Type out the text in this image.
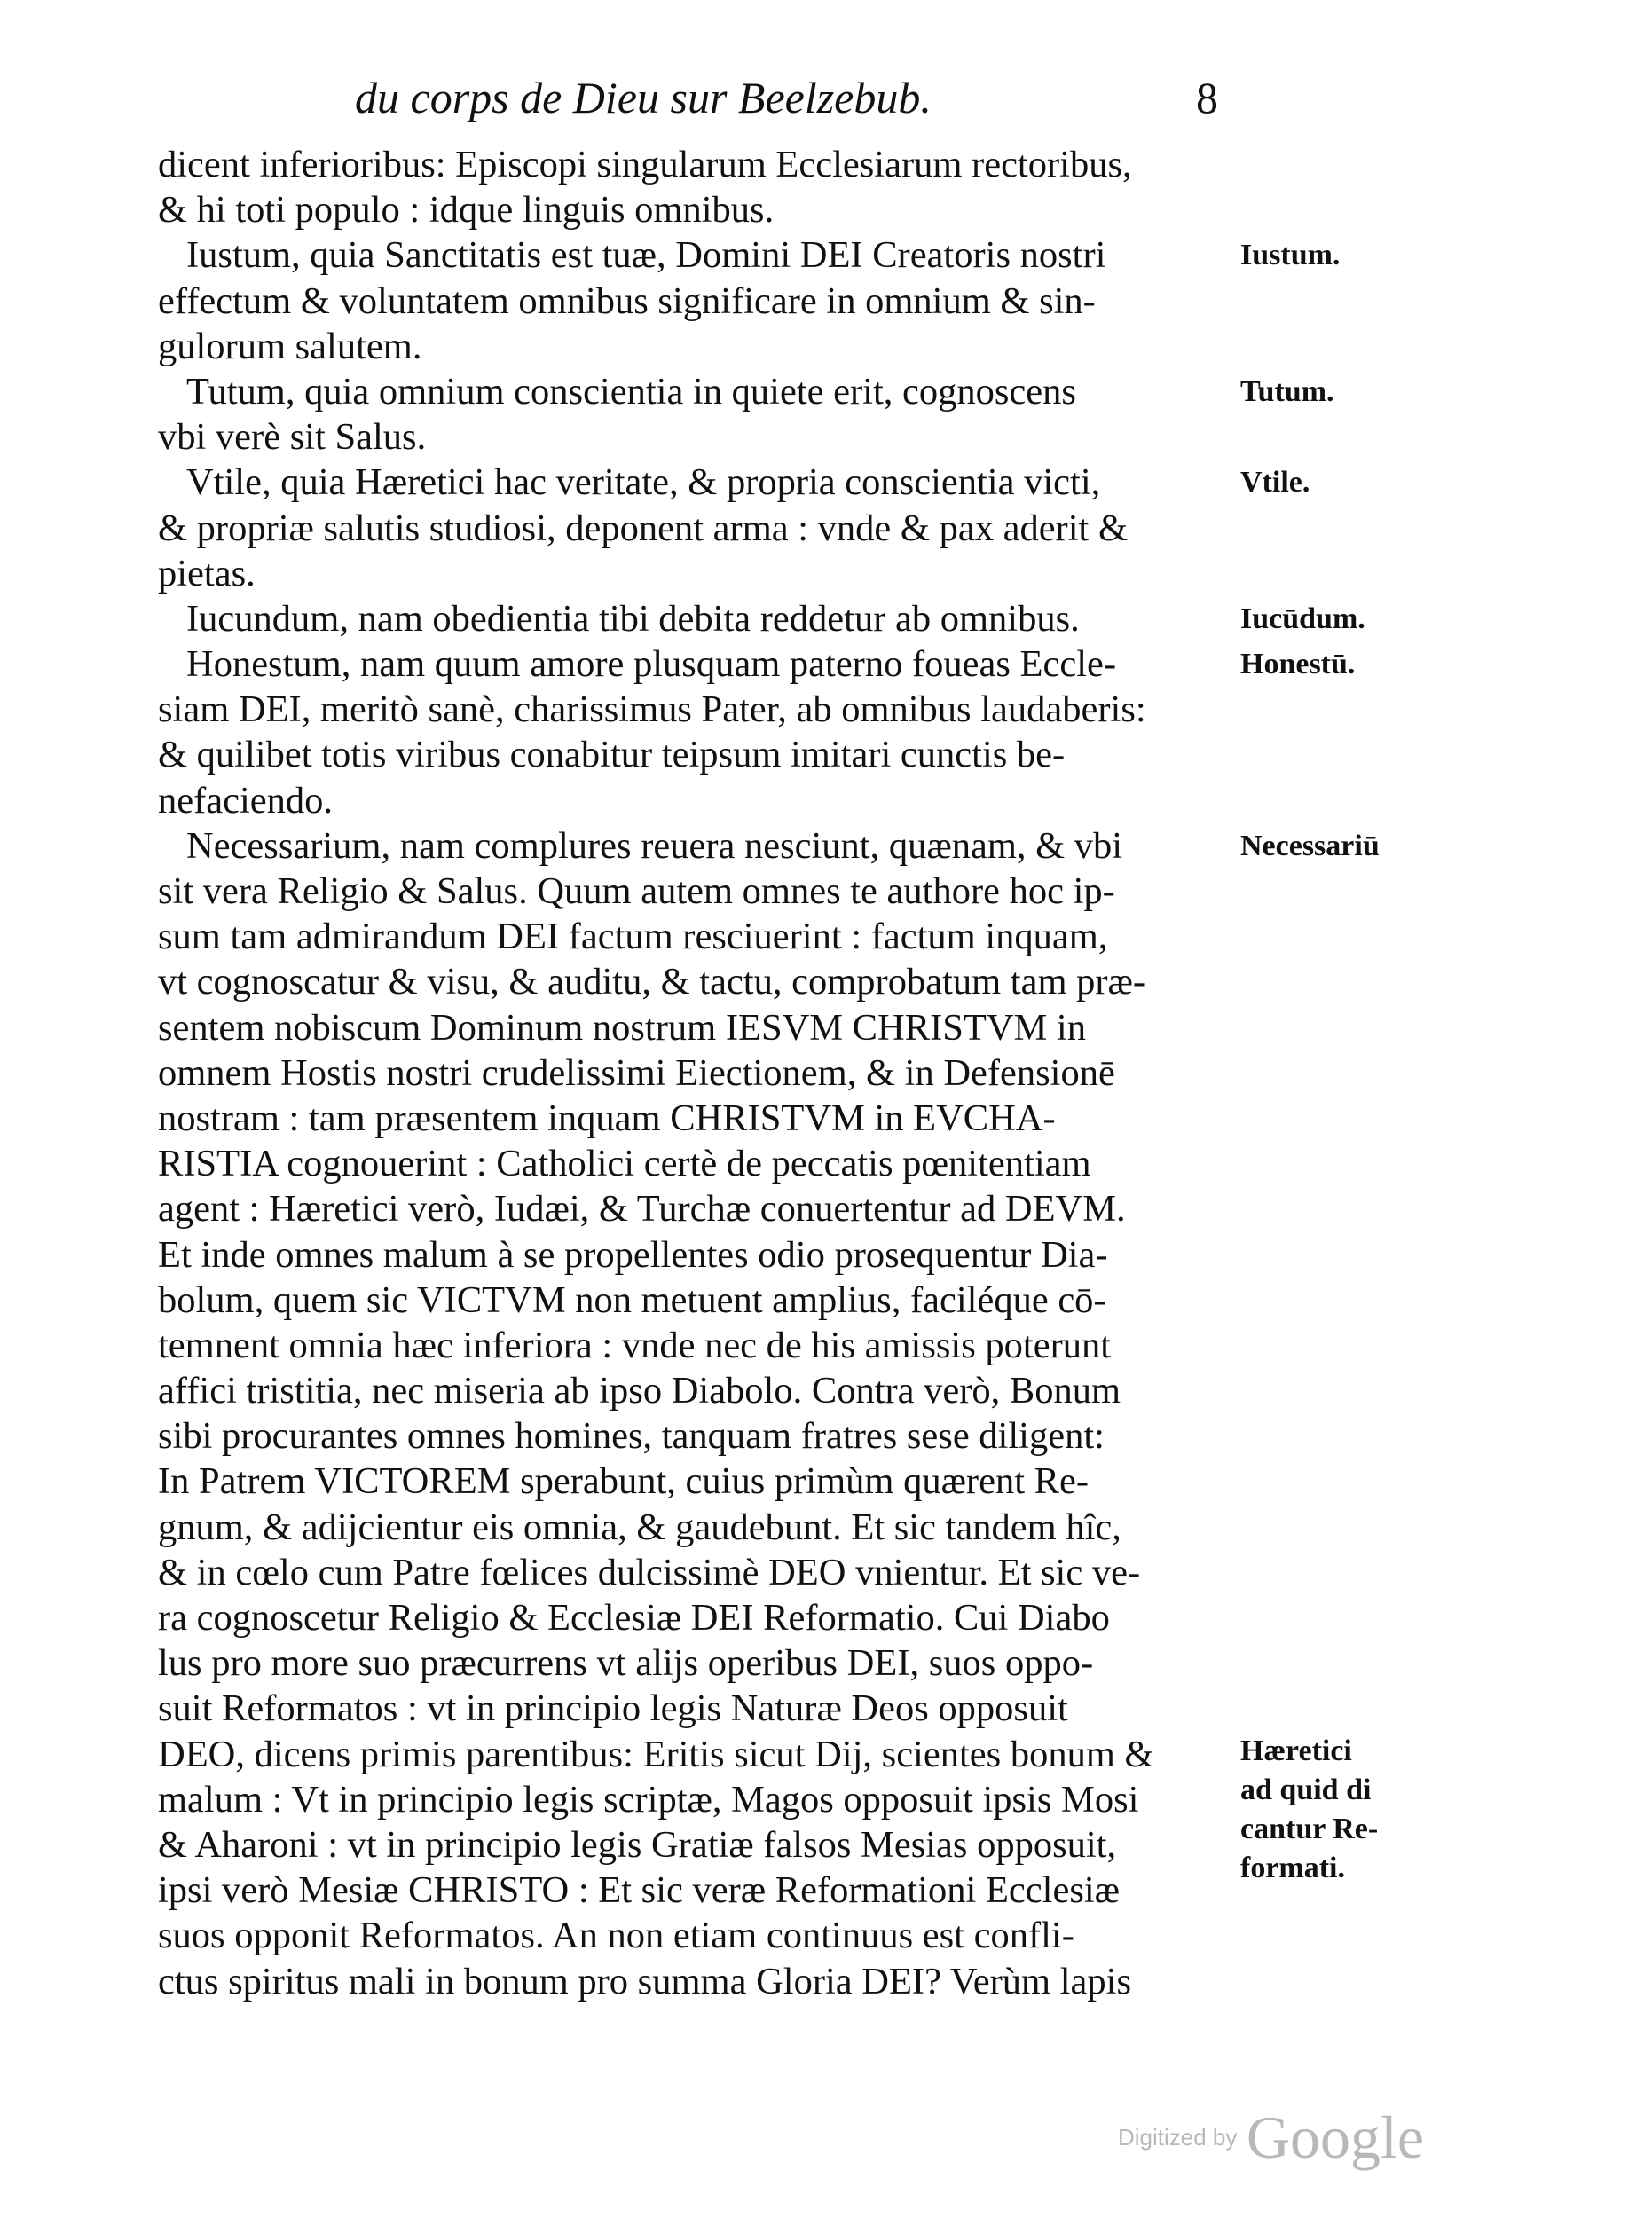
du corps de Dieu sur Beelzebub.	8
dicent inferioribus: Episcopi singularum Ecclesiarum rectoribus,
& hi toti populo : idque linguis omnibus.
Iustum, quia Sanctitatis est tuæ, Domini DEI Creatoris nostri
effectum & voluntatem omnibus significare in omnium & sin-
gulorum salutem.
Tutum, quia omnium conscientia in quiete erit, cognoscens
vbi verè sit Salus.
Vtile, quia Hæretici hac veritate, & propria conscientia victi,
& propriæ salutis studiosi, deponent arma : vnde & pax aderit &
pietas.
Iucundum, nam obedientia tibi debita reddetur ab omnibus.
Honestum, nam quum amore plusquam paterno foueas Eccle-
siam DEI, meritò sanè, charissimus Pater, ab omnibus laudaberis:
& quilibet totis viribus conabitur teipsum imitari cunctis be-
nefaciendo.
Necessarium, nam complures reuera nesciunt, quænam, & vbi
sit vera Religio & Salus. Quum autem omnes te authore hoc ip-
sum tam admirandum DEI factum resciuerint : factum inquam,
vt cognoscatur & visu, & auditu, & tactu, comprobatum tam præ-
sentem nobiscum Dominum nostrum IESVM CHRISTVM in
omnem Hostis nostri crudelissimi Eiectionem, & in Defensionē
nostram : tam præsentem inquam CHRISTVM in EVCHA-
RISTIA cognouerint : Catholici certè de peccatis pœnitentiam
agent : Hæretici verò, Iudæi, & Turchæ conuertentur ad DEVM.
Et inde omnes malum à se propellentes odio prosequentur Dia-
bolum, quem sic VICTVM non metuent amplius, faciléque cō-
temnent omnia hæc inferiora : vnde nec de his amissis poterunt
affici tristitia, nec miseria ab ipso Diabolo. Contra verò, Bonum
sibi procurantes omnes homines, tanquam fratres sese diligent:
In Patrem VICTOREM sperabunt, cuius primùm quærent Re-
gnum, & adijcientur eis omnia, & gaudebunt. Et sic tandem hîc,
& in cœlo cum Patre fœlices dulcissimè DEO vnientur. Et sic ve-
ra cognoscetur Religio & Ecclesiæ DEI Reformatio. Cui Diabo
lus pro more suo præcurrens vt alijs operibus DEI, suos oppo-
suit Reformatos : vt in principio legis Naturæ Deos opposuit
DEO, dicens primis parentibus: Eritis sicut Dij, scientes bonum &
malum : Vt in principio legis scriptæ, Magos opposuit ipsis Mosi
& Aharoni : vt in principio legis Gratiæ falsos Mesias opposuit,
ipsi verò Mesiæ CHRISTO : Et sic veræ Reformationi Ecclesiæ
suos opponit Reformatos. An non etiam continuus est confli-
ctus spiritus mali in bonum pro summa Gloria DEI? Verùm lapis
Iustum.
Tutum.
Vtile.
Iucūdum.
Honestū.
Necessariū
Hæretici
ad quid di
cantur Re-
formati.
Digitized by Google
